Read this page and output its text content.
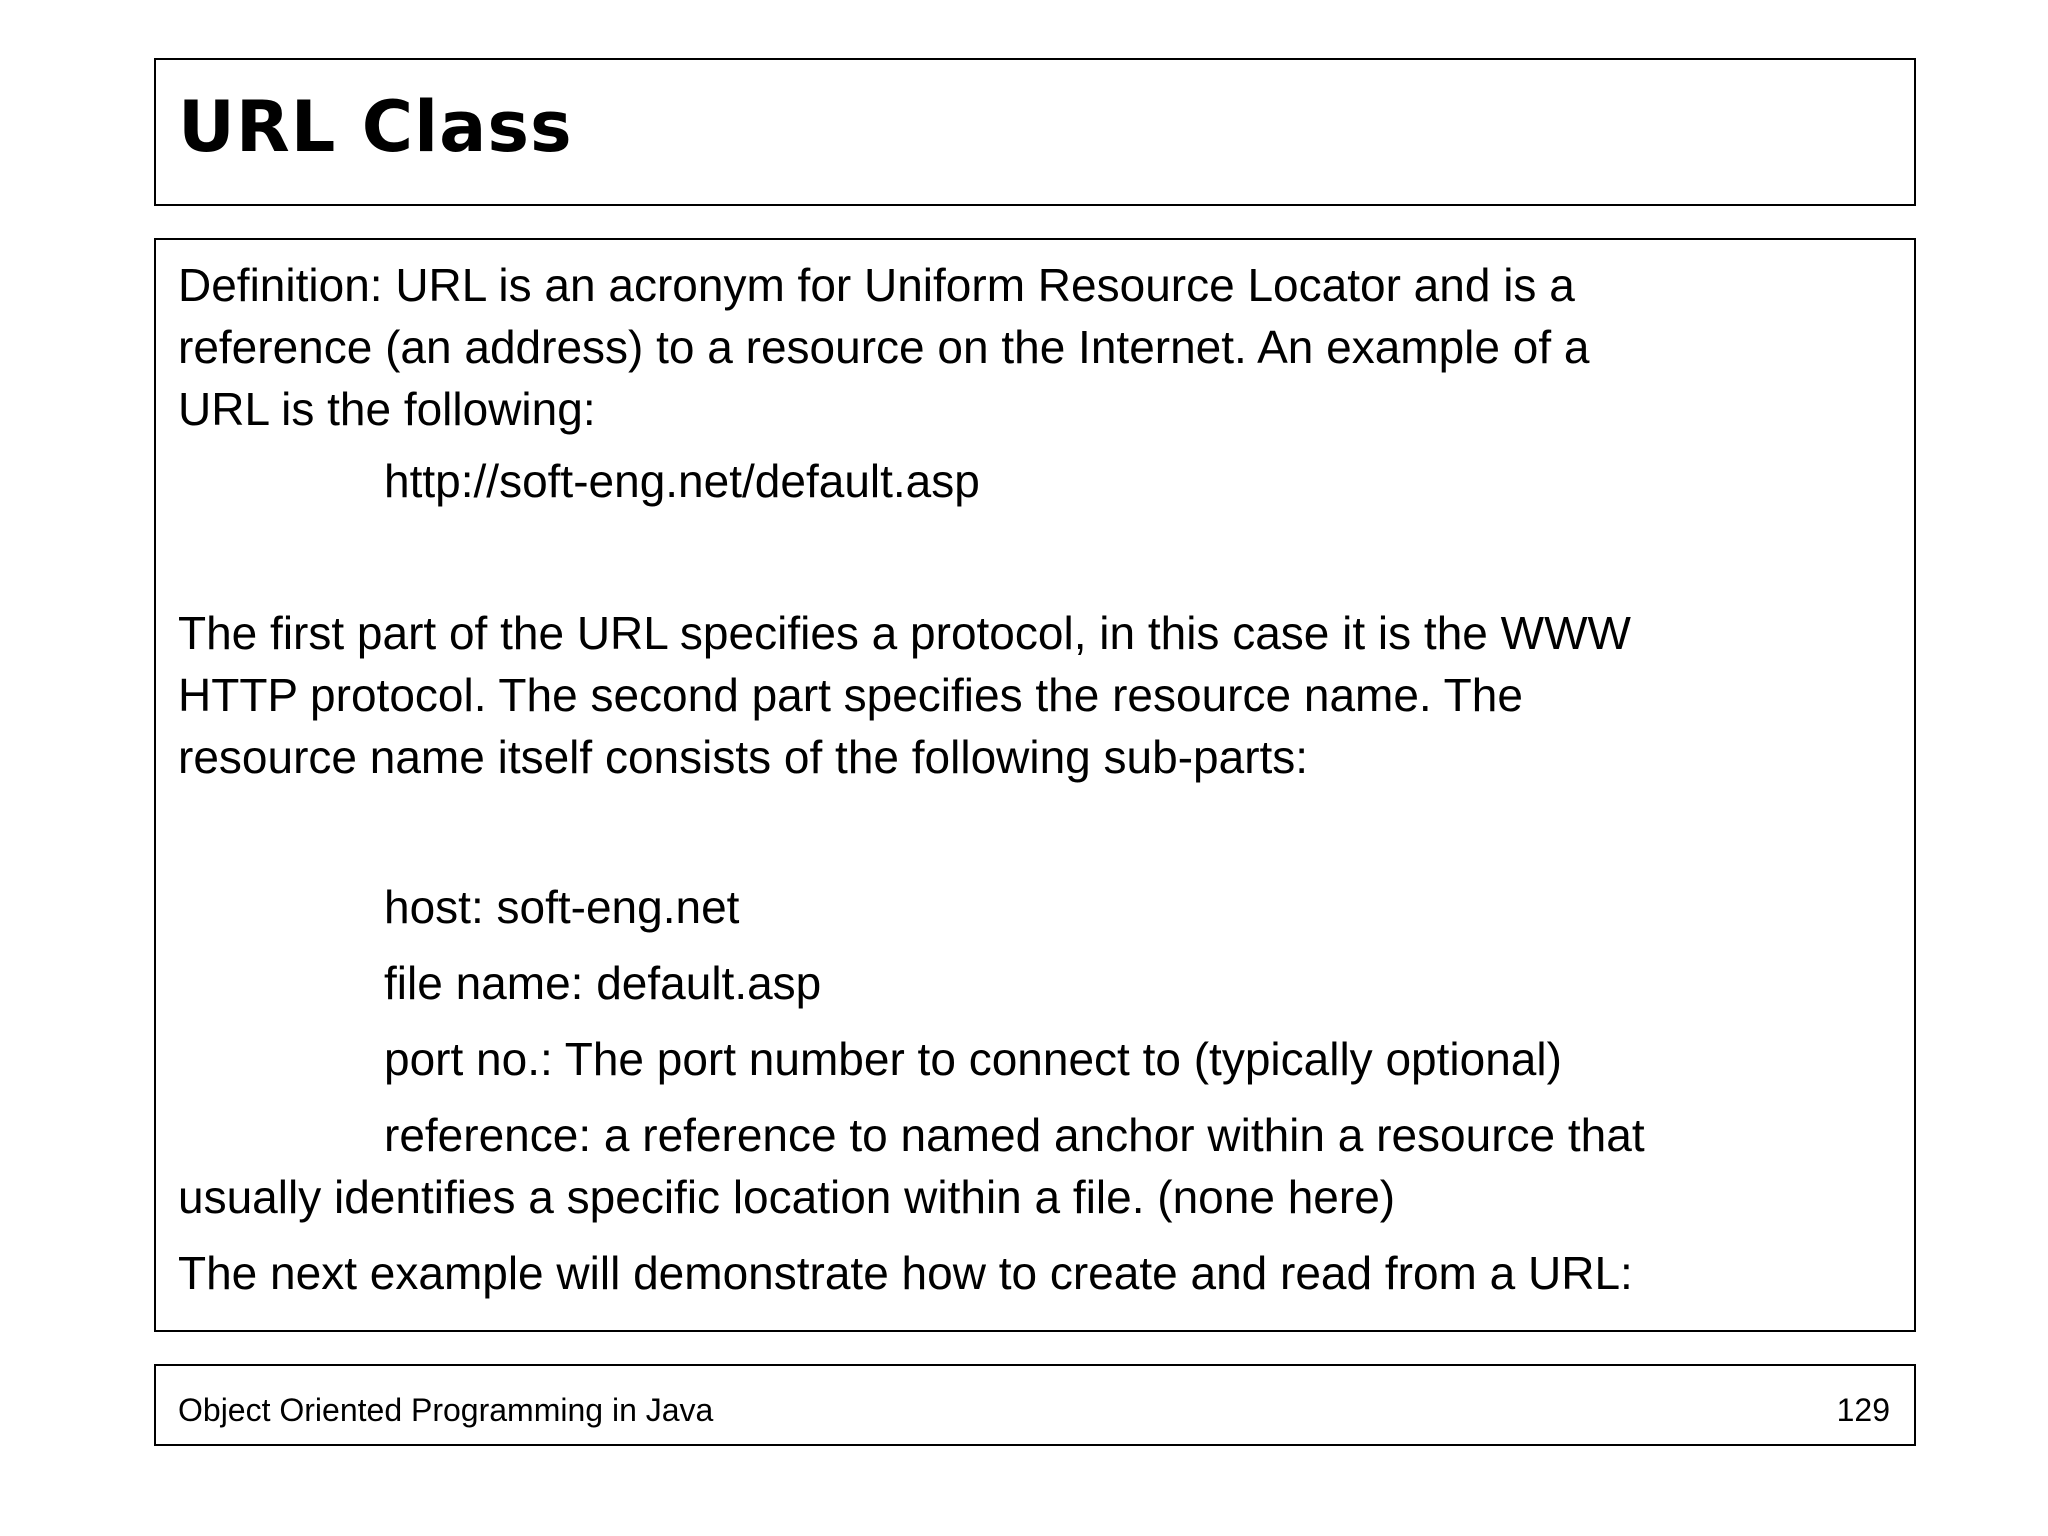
URL Class

Definition: URL is an acronym for Uniform Resource Locator and is a

reference (an address) to a resource on the Internet. An example of a

URL is the following:

http://soft-eng.net/default.asp

The first part of the URL specifies a protocol, in this case it is the WWW

HTTP protocol. The second part specifies the resource name. The

resource name itself consists of the following sub-parts:

host: soft-eng.net

file name: default.asp

port no.: The port number to connect to (typically optional)

reference: a reference to named anchor within a resource that

usually identifies a specific location within a file. (none here)

The next example will demonstrate how to create and read from a URL:

Object Oriented Programming in Java	129
